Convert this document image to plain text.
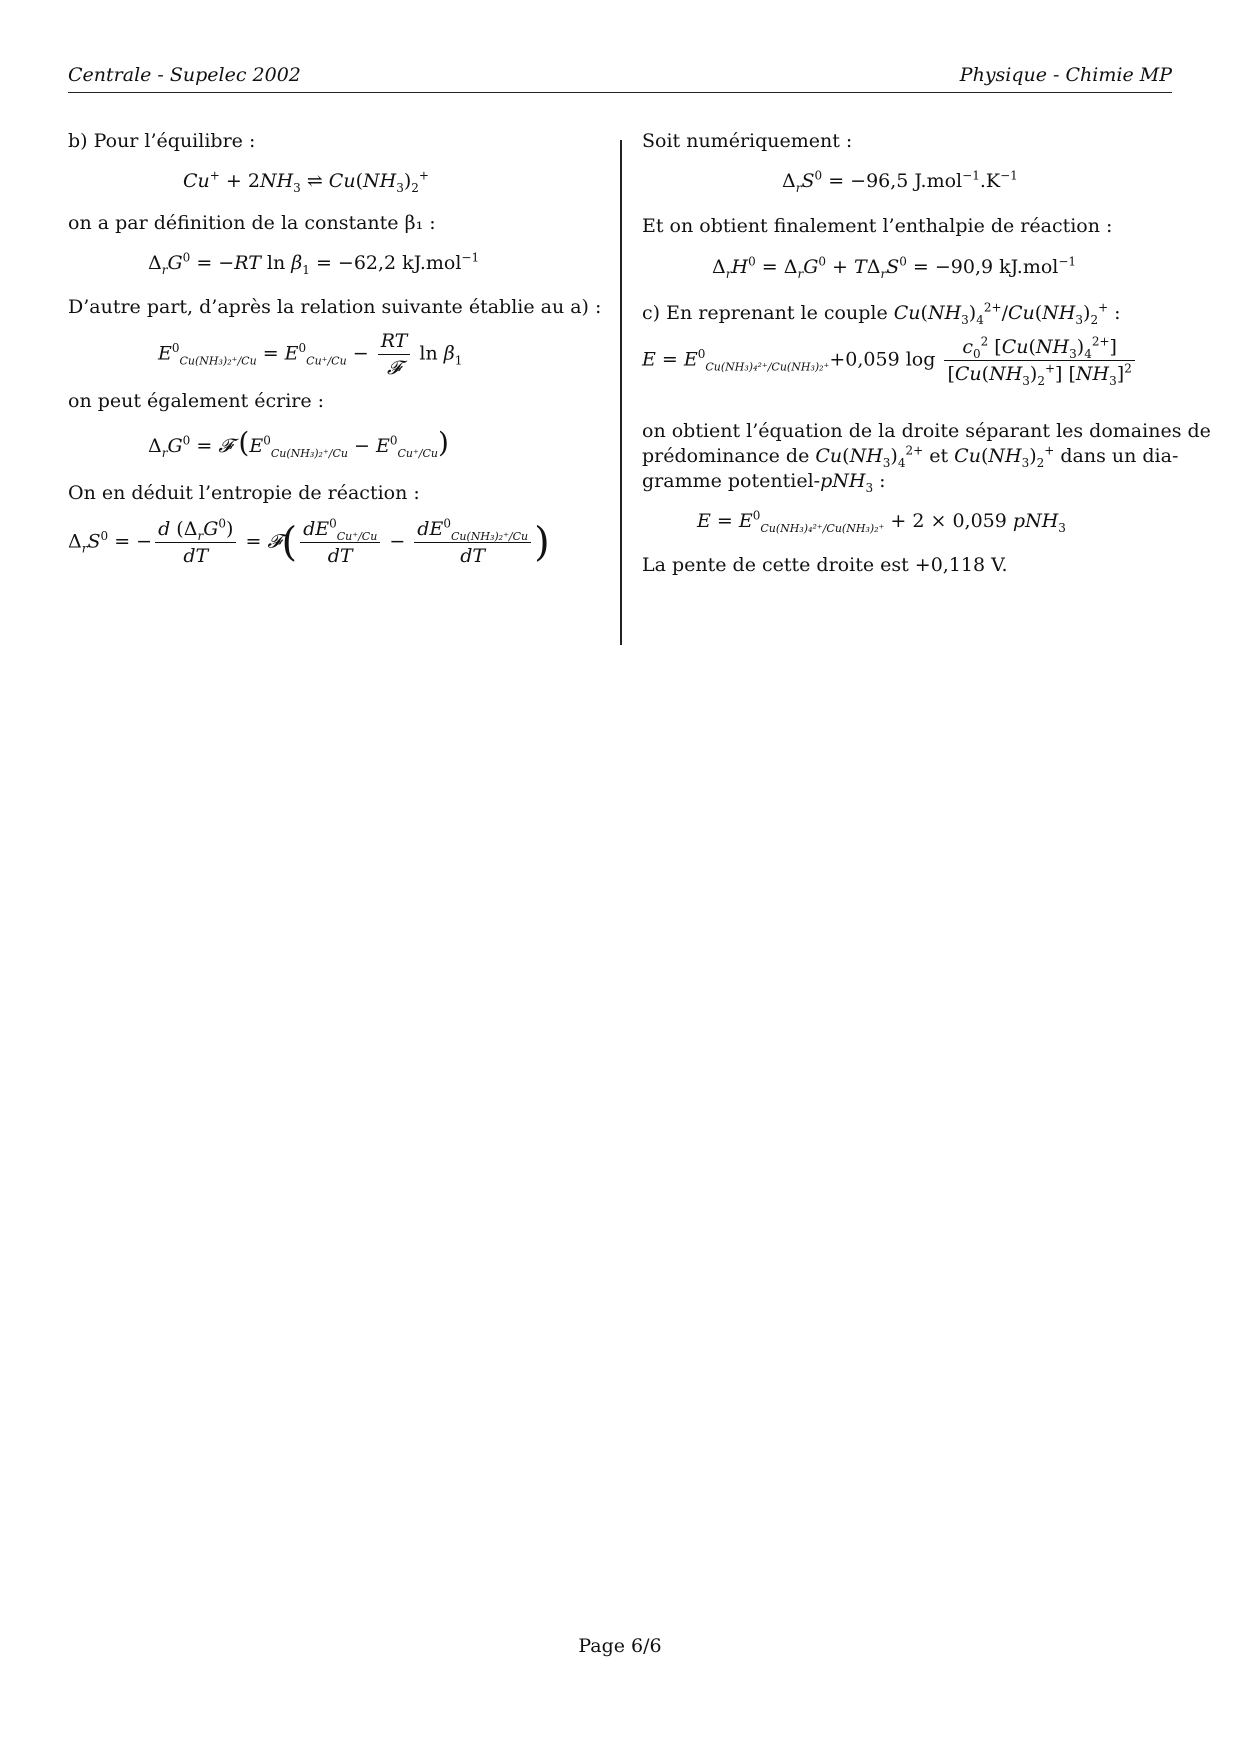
Centrale - Supelec 2002	Physique - Chimie MP
b) Pour l’équilibre :
$Cu^+ + 2NH_3$ ⇌ $Cu(NH_3)_2^+$
on a par définition de la constante β₁ :
$\Delta_rG^0 = -RT$ $\ln \beta_1 = -62,2$ kJ.mol$^{-1}$
D’autre part, d’après la relation suivante établie au a) :
$E^0_{Cu(NH_3)_2^+/Cu} = E^0_{Cu^+/Cu} - \frac{RT}{\text{𝓕}}$ $\ln \beta_1$
on peut également écrire :
$\Delta_rG^0$ = 𝓕 $(E^0_{Cu(NH_3)_2^+/Cu} - E^0_{Cu^+/Cu})$
On en déduit l’entropie de réaction :
$\Delta_rS^0$ = − $\frac{d (\Delta_rG^0)}{dT}$ = 𝓕( $\frac{dE^0_{Cu^+/Cu}}{dT} - \frac{dE^0_{Cu(NH_3)_2^+/Cu}}{dT}$ )
Soit numériquement :
$\Delta_rS^0 = -96,5$ $J.mol^{-1}.K^{-1}$
Et on obtient finalement l’enthalpie de réaction :
$\Delta_rH^0 = \Delta_rG^0 + T\Delta_rS^0 = -90,9$ kJ.mol$^{-1}$
c) En reprenant le couple $Cu(NH_3)_4^{2+}/Cu(NH_3)_2^+$ :
$E = E^0_{Cu(NH_3)_4^{2+}/Cu(NH_3)_2^+}+0,059$ $\log \frac{c_0^2 [Cu(NH_3)_4^{2+}]}{[Cu(NH_3)_2^+] [NH_3]^2}$
on obtient l’équation de la droite séparant les domaines de
prédominance de $Cu(NH_3)_4^{2+}$ et $Cu(NH_3)_2^+$ dans un dia-
gramme potentiel-pNH$_3$ :
$E = E^0_{Cu(NH_3)_4^{2+}/Cu(NH_3)_2^+} + 2 \times 0,059$ pNH$_3$
La pente de cette droite est +0,118 V.
Page 6/6
